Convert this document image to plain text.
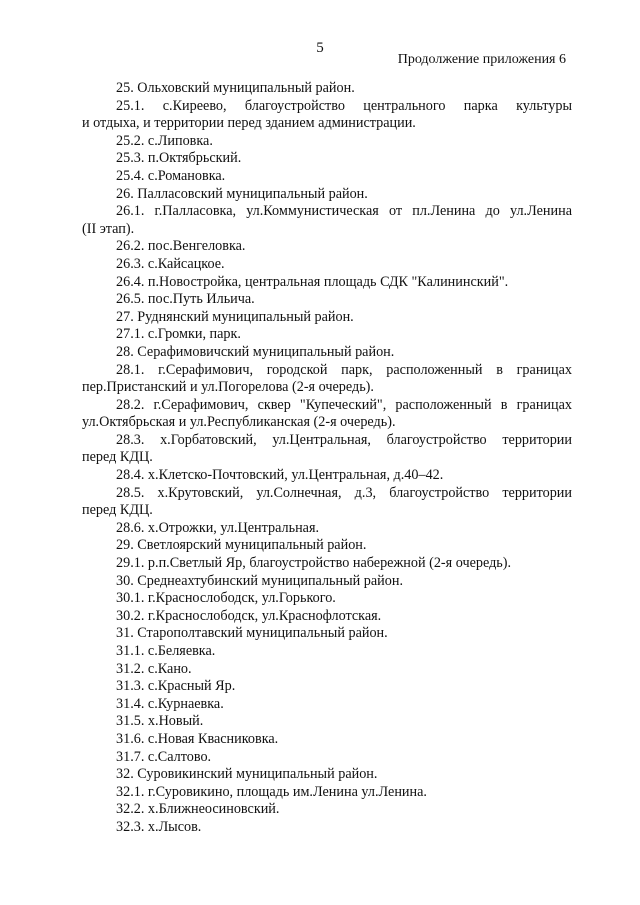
5
Продолжение приложения 6
25. Ольховский муниципальный район.
25.1. с.Киреево, благоустройство центрального парка культуры
и отдыха, и территории перед зданием администрации.
25.2. с.Липовка.
25.3. п.Октябрьский.
25.4. с.Романовка.
26. Палласовский муниципальный район.
26.1. г.Палласовка, ул.Коммунистическая от пл.Ленина до ул.Ленина
(II этап).
26.2. пос.Венгеловка.
26.3. с.Кайсацкое.
26.4. п.Новостройка, центральная площадь СДК "Калининский".
26.5. пос.Путь Ильича.
27. Руднянский муниципальный район.
27.1. с.Громки, парк.
28. Серафимовичский муниципальный район.
28.1. г.Серафимович, городской парк, расположенный в границах
пер.Пристанский и ул.Погорелова (2-я очередь).
28.2. г.Серафимович, сквер "Купеческий", расположенный в границах
ул.Октябрьская и ул.Республиканская (2-я очередь).
28.3. х.Горбатовский, ул.Центральная, благоустройство территории
перед КДЦ.
28.4. х.Клетско-Почтовский, ул.Центральная, д.40–42.
28.5. х.Крутовский, ул.Солнечная, д.3, благоустройство территории
перед КДЦ.
28.6. х.Отрожки, ул.Центральная.
29. Светлоярский муниципальный район.
29.1. р.п.Светлый Яр, благоустройство набережной (2-я очередь).
30. Среднеахтубинский муниципальный район.
30.1. г.Краснослободск, ул.Горького.
30.2. г.Краснослободск, ул.Краснофлотская.
31. Старополтавский муниципальный район.
31.1. с.Беляевка.
31.2. с.Кано.
31.3. с.Красный Яр.
31.4. с.Курнаевка.
31.5. х.Новый.
31.6. с.Новая Квасниковка.
31.7. с.Салтово.
32. Суровикинский муниципальный район.
32.1. г.Суровикино, площадь им.Ленина ул.Ленина.
32.2. х.Ближнеосиновский.
32.3. х.Лысов.
